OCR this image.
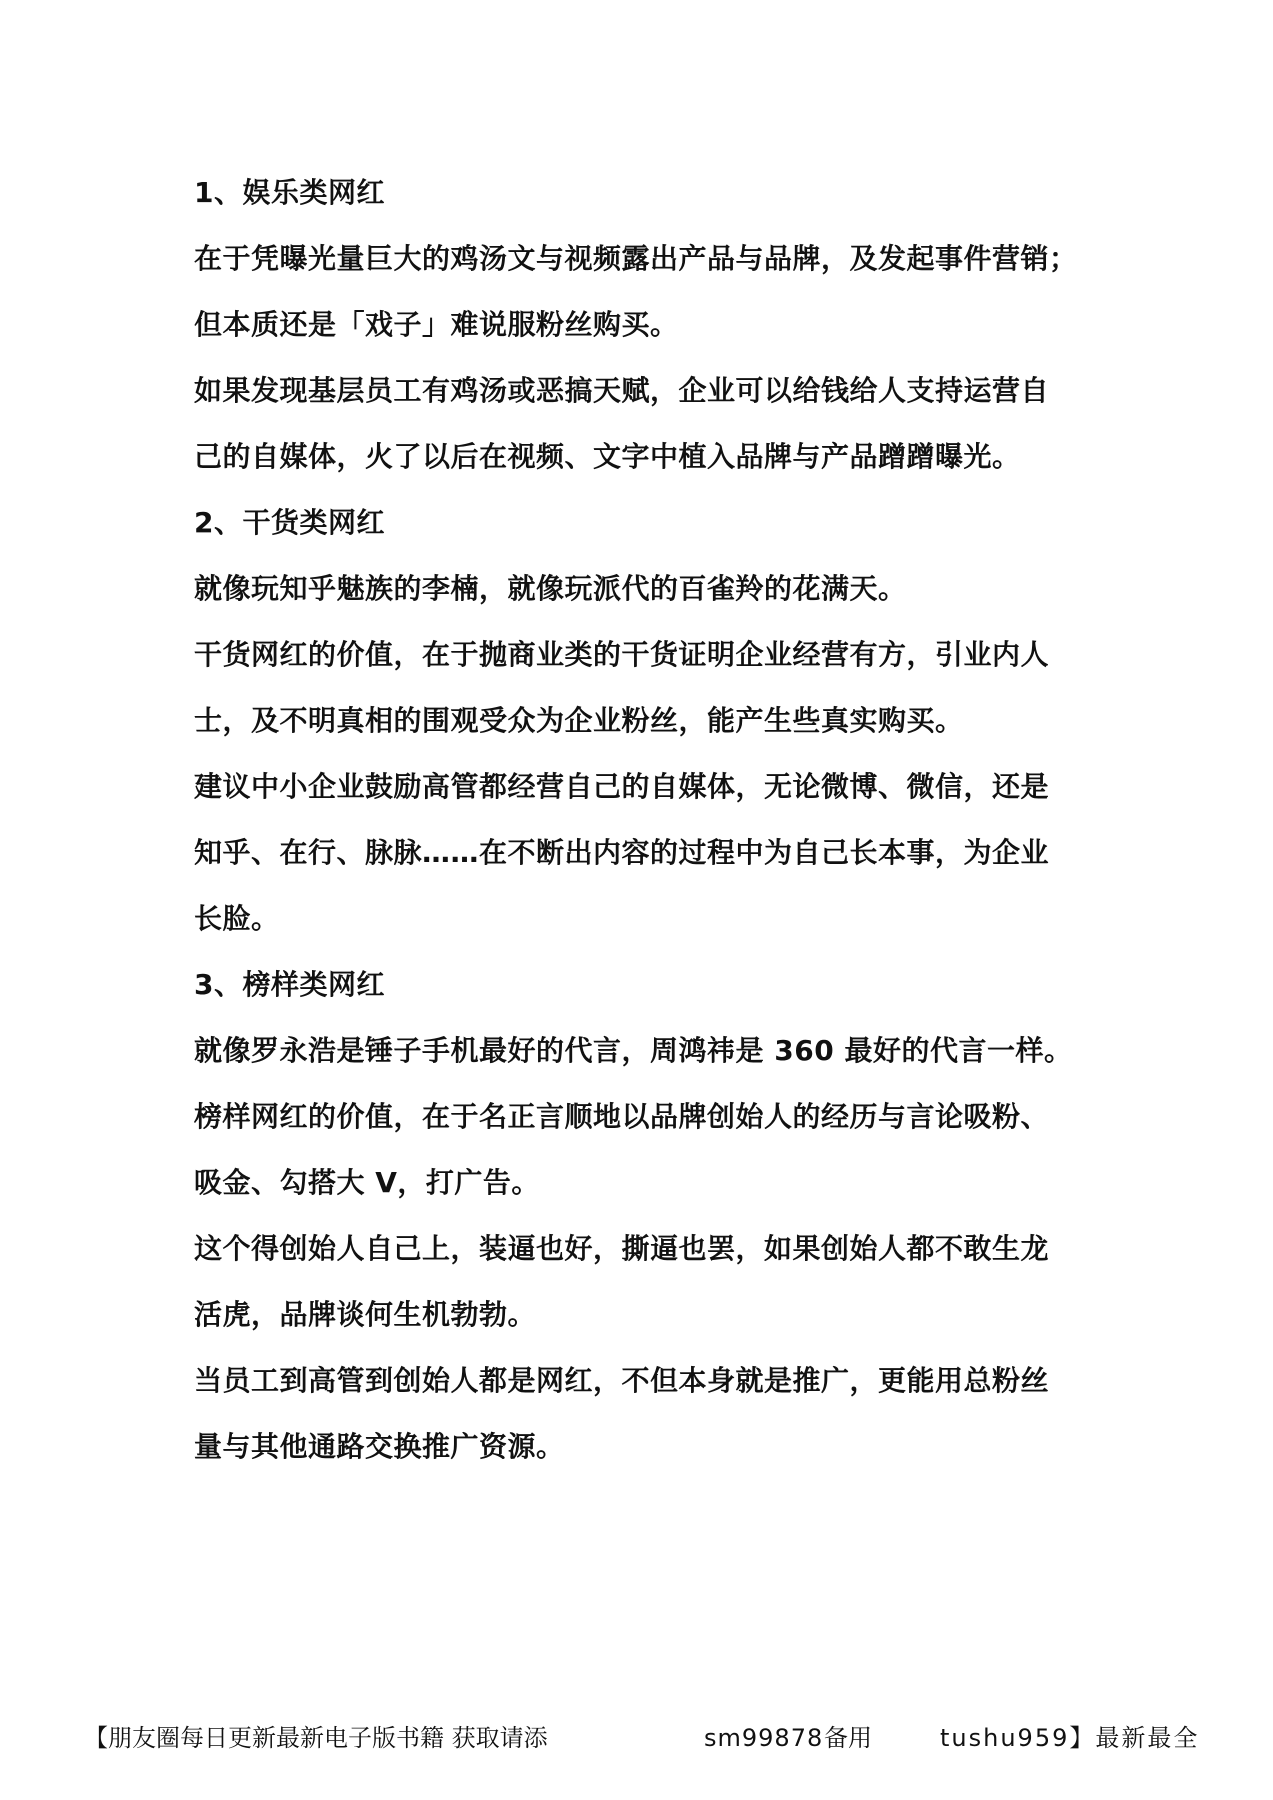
1、娱乐类网红
在于凭曝光量巨大的鸡汤文与视频露出产品与品牌，及发起事件营销；
但本质还是「戏子」难说服粉丝购买。
如果发现基层员工有鸡汤或恶搞天赋，企业可以给钱给人支持运营自
己的自媒体，火了以后在视频、文字中植入品牌与产品蹭蹭曝光。
2、干货类网红
就像玩知乎魅族的李楠，就像玩派代的百雀羚的花满天。
干货网红的价值，在于抛商业类的干货证明企业经营有方，引业内人
士，及不明真相的围观受众为企业粉丝，能产生些真实购买。
建议中小企业鼓励高管都经营自己的自媒体，无论微博、微信，还是
知乎、在行、脉脉……在不断出内容的过程中为自己长本事，为企业
长脸。
3、榜样类网红
就像罗永浩是锤子手机最好的代言，周鸿祎是 360 最好的代言一样。
榜样网红的价值，在于名正言顺地以品牌创始人的经历与言论吸粉、
吸金、勾搭大 V，打广告。
这个得创始人自己上，装逼也好，撕逼也罢，如果创始人都不敢生龙
活虎，品牌谈何生机勃勃。
当员工到高管到创始人都是网红，不但本身就是推广，更能用总粉丝
量与其他通路交换推广资源。
【朋友圈每日更新最新电子版书籍 获取请添	sm99878 备用	tushu959】最新最全
